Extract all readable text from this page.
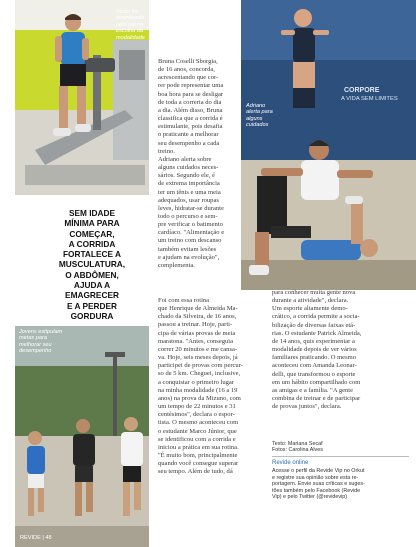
Victor foi
incentivado
pelo pai na
escolha da
modalidade
CORPORE
A VIDA SEM LIMITES
Adriano
alerta para
alguns
cuidados
SEM IDADE
MÍNIMA PARA
COMEÇAR,
A CORRIDA
FORTALECE A
MUSCULATURA,
O ABDÔMEN,
AJUDA A
EMAGRECER
E A PERDER
GORDURA
Jovens estipulam
metas para
melhorar seu
desempenho
REVIDE | 48
Bruna Coselli Sborgia,
de 16 anos, concorda,
acrescentando que cor-
rer pode representar uma
boa hora para se desligar
de toda a correria do dia
a dia. Além disso, Bruna
classifica que a corrida é
estimulante, pois desafia
o praticante a melhorar
seu desempenho a cada
treino.
Adriano alerta sobre
alguns cuidados neces-
sários. Segundo ele, é
de extrema importância
ter um tênis e uma meia
adequados, usar roupas
leves, hidratar-se durante
todo o percurso e sem-
pre verificar o batimento
cardíaco. "Alimentação e
um treino com descanso
também evitam lesões
e ajudam na evolução",
complementa.
Foi com essa rotina
que Henrique de Almeida Ma-
chado da Silveira, de 16 anos,
passou a treinar. Hoje, parti-
cipa de várias provas de meia
maratona. "Antes, conseguia
correr 20 minutos e me cansa-
va. Hoje, seis meses depois, já
participei de provas com percur-
so de 5 km. Cheguei, inclusive,
a conquistar o primeiro lugar
na minha modalidade (16 a 19
anos) na prova da Mizuno, com
um tempo de 22 minutos e 31
centésimos", declara o espor-
tista. O mesmo aconteceu com
o estudante Marco Júnior, que
se identificou com a corrida e
iniciou a prática em sua rotina.
"É muito bom, principalmente
quando você consegue superar
seu tempo. Além de tudo, dá
para conhecer muita gente nova
durante a atividade", declara.
Um esporte altamente demo-
crático, a corrida permite a socia-
bilização de diversas faixas etá-
rias. O estudante Patrick Almeida,
de 14 anos, quis experimentar a
modalidade depois de ver vários
familiares praticando. O mesmo
aconteceu com Amanda Leonar-
delli, que transformou o esporte
em um hábito compartilhado com
as amigas e a família. "A gente
combina de treinar e de participar
de provas juntos", declara.
Texto: Mariana Secaf
Fotos: Carolina Alves
Revide online
Acesse o perfil da Revide Vip no Orkut
e registre sua opinião sobre esta re-
portagem. Envie suas críticas e suges-
tões também pelo Facebook (Revide
Vip) e pelo Twitter (@revidevip)
